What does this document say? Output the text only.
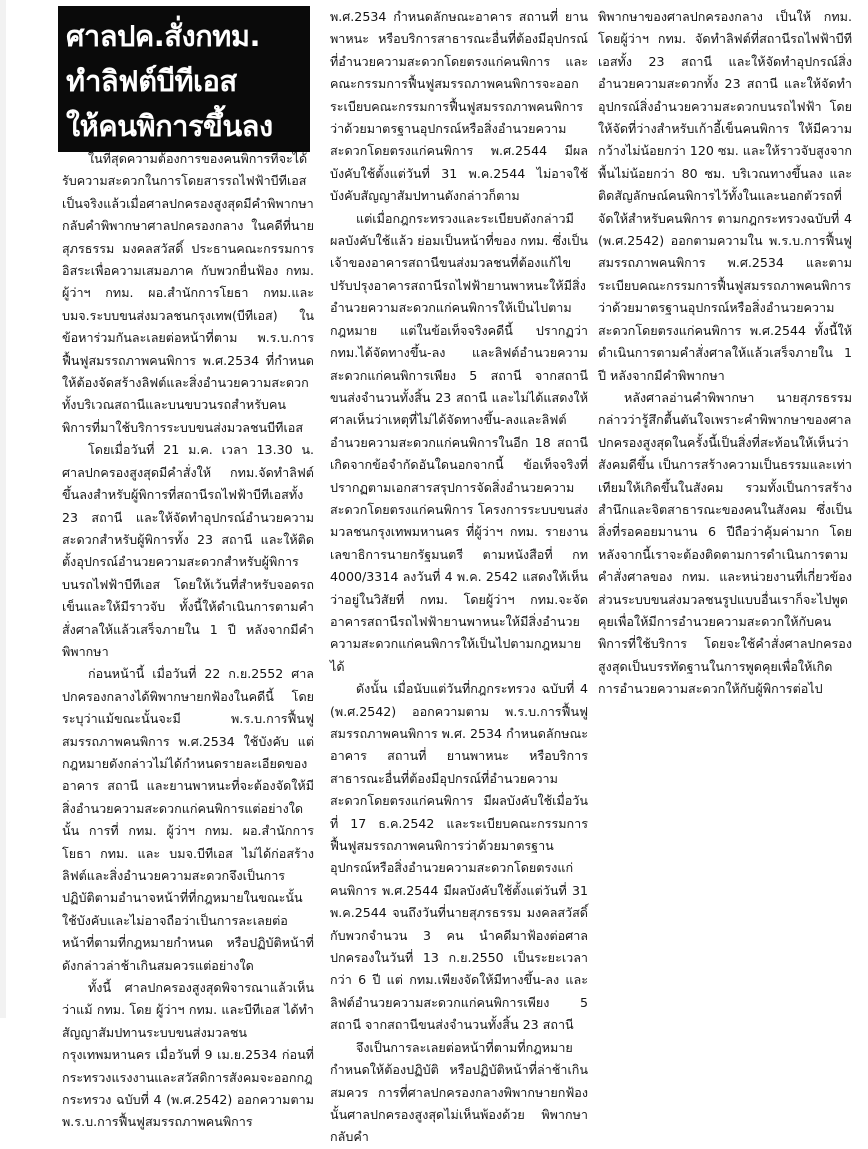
ศาลปค.สั่งกทม.
ทำลิฟต์บีทีเอส
ให้คนพิการขึ้นลง

ในที่สุดความต้องการของคนพิการที่จะได้รับความสะดวกในการโดยสารรถไฟฟ้าบีทีเอสเป็นจริงแล้วเมื่อศาลปกครองสูงสุดมีคำพิพากษากลับคำพิพากษาศาลปกครองกลาง ในคดีที่นายสุภรธรรม มงคลสวัสดิ์ ประธานคณะกรรมการอิสระเพื่อความเสมอภาค กับพวกยื่นฟ้อง กทม. ผู้ว่าฯ กทม. ผอ.สำนักการโยธา กทม.และ บมจ.ระบบขนส่งมวลชนกรุงเทพ(บีทีเอส) ในข้อหาร่วมกันละเลยต่อหน้าที่ตาม พ.ร.บ.การฟื้นฟูสมรรถภาพคนพิการ พ.ศ.2534 ที่กำหนดให้ต้องจัดสร้างลิฟต์และสิ่งอำนวยความสะดวกทั้งบริเวณสถานีและบนขบวนรถสำหรับคนพิการที่มาใช้บริการระบบขนส่งมวลชนบีทีเอส

โดยเมื่อวันที่ 21 ม.ค. เวลา 13.30 น. ศาลปกครองสูงสุดมีคำสั่งให้ กทม.จัดทำลิฟต์ขึ้นลงสำหรับผู้พิการที่สถานีรถไฟฟ้าบีทีเอสทั้ง 23 สถานี และให้จัดทำอุปกรณ์อำนวยความสะดวกสำหรับผู้พิการทั้ง 23 สถานี และให้ติดตั้งอุปกรณ์อำนวยความสะดวกสำหรับผู้พิการบนรถไฟฟ้าบีทีเอส โดยให้เว้นที่สำหรับจอดรถเข็นและให้มีราวจับ ทั้งนี้ให้ดำเนินการตามคำสั่งศาลให้แล้วเสร็จภายใน 1 ปี หลังจากมีคำพิพากษา

ก่อนหน้านี้ เมื่อวันที่ 22 ก.ย.2552 ศาลปกครองกลางได้พิพากษายกฟ้องในคดีนี้ โดยระบุว่าแม้ขณะนั้นจะมี พ.ร.บ.การฟื้นฟูสมรรถภาพคนพิการ พ.ศ.2534 ใช้บังคับ แต่กฎหมายดังกล่าวไม่ได้กำหนดรายละเอียดของอาคาร สถานี และยานพาหนะที่จะต้องจัดให้มีสิ่งอำนวยความสะดวกแก่คนพิการแต่อย่างใดนั้น การที่ กทม. ผู้ว่าฯ กทม. ผอ.สำนักการโยธา กทม. และ บมจ.บีทีเอส ไม่ได้ก่อสร้างลิฟต์และสิ่งอำนวยความสะดวกจึงเป็นการปฏิบัติตามอำนาจหน้าที่ที่กฎหมายในขณะนั้นใช้บังคับและไม่อาจถือว่าเป็นการละเลยต่อหน้าที่ตามที่กฎหมายกำหนด หรือปฏิบัติหน้าที่ดังกล่าวล่าช้าเกินสมควรแต่อย่างใด

ทั้งนี้ ศาลปกครองสูงสุดพิจารณาแล้วเห็นว่าแม้ กทม. โดย ผู้ว่าฯ กทม. และบีทีเอส ได้ทำสัญญาสัมปทานระบบขนส่งมวลชนกรุงเทพมหานคร เมื่อวันที่ 9 เม.ย.2534 ก่อนที่กระทรวงแรงงานและสวัสดิการสังคมจะออกกฎกระทรวง ฉบับที่ 4 (พ.ศ.2542) ออกความตาม พ.ร.บ.การฟื้นฟูสมรรถภาพคนพิการ

พ.ศ.2534 กำหนดลักษณะอาคาร สถานที่ ยานพาหนะ หรือบริการสาธารณะอื่นที่ต้องมีอุปกรณ์ที่อำนวยความสะดวกโดยตรงแก่คนพิการ และคณะกรรมการฟื้นฟูสมรรถภาพคนพิการจะออกระเบียบคณะกรรมการฟื้นฟูสมรรถภาพคนพิการว่าด้วยมาตรฐานอุปกรณ์หรือสิ่งอำนวยความสะดวกโดยตรงแก่คนพิการ พ.ศ.2544 มีผลบังคับใช้ตั้งแต่วันที่ 31 พ.ค.2544 ไม่อาจใช้บังคับสัญญาสัมปทานดังกล่าวก็ตาม

แต่เมื่อกฎกระทรวงและระเบียบดังกล่าวมีผลบังคับใช้แล้ว ย่อมเป็นหน้าที่ของ กทม. ซึ่งเป็นเจ้าของอาคารสถานีขนส่งมวลชนที่ต้องแก้ไขปรับปรุงอาคารสถานีรถไฟฟ้ายานพาหนะให้มีสิ่งอำนวยความสะดวกแก่คนพิการให้เป็นไปตามกฎหมาย แต่ในข้อเท็จจริงคดีนี้ ปรากฏว่า กทม.ได้จัดทางขึ้น-ลง และลิฟต์อำนวยความสะดวกแก่คนพิการเพียง 5 สถานี จากสถานีขนส่งจำนวนทั้งสิ้น 23 สถานี และไม่ได้แสดงให้ศาลเห็นว่าเหตุที่ไม่ได้จัดทางขึ้น-ลงและลิฟต์อำนวยความสะดวกแก่คนพิการในอีก 18 สถานีเกิดจากข้อจำกัดอันใดนอกจากนี้ ข้อเท็จจริงที่ปรากฏตามเอกสารสรุปการจัดสิ่งอำนวยความสะดวกโดยตรงแก่คนพิการ โครงการระบบขนส่งมวลชนกรุงเทพมหานคร ที่ผู้ว่าฯ กทม. รายงานเลขาธิการนายกรัฐมนตรี ตามหนังสือที่ กท 4000/3314 ลงวันที่ 4 พ.ค. 2542 แสดงให้เห็นว่าอยู่ในวิสัยที่ กทม. โดยผู้ว่าฯ กทม.จะจัดอาคารสถานีรถไฟฟ้ายานพาหนะให้มีสิ่งอำนวยความสะดวกแก่คนพิการให้เป็นไปตามกฎหมายได้

ดังนั้น เมื่อนับแต่วันที่กฎกระทรวง ฉบับที่ 4 (พ.ศ.2542) ออกความตาม พ.ร.บ.การฟื้นฟูสมรรถภาพคนพิการ พ.ศ. 2534 กำหนดลักษณะอาคาร สถานที่ ยานพาหนะ หรือบริการสาธารณะอื่นที่ต้องมีอุปกรณ์ที่อำนวยความสะดวกโดยตรงแก่คนพิการ มีผลบังคับใช้เมื่อวันที่ 17 ธ.ค.2542 และระเบียบคณะกรรมการฟื้นฟูสมรรถภาพคนพิการว่าด้วยมาตรฐานอุปกรณ์หรือสิ่งอำนวยความสะดวกโดยตรงแก่คนพิการ พ.ศ.2544 มีผลบังคับใช้ตั้งแต่วันที่ 31 พ.ค.2544 จนถึงวันที่นายสุภรธรรม มงคลสวัสดิ์ กับพวกจำนวน 3 คน นำคดีมาฟ้องต่อศาลปกครองในวันที่ 13 ก.ย.2550 เป็นระยะเวลากว่า 6 ปี แต่ กทม.เพียงจัดให้มีทางขึ้น-ลง และลิฟต์อำนวยความสะดวกแก่คนพิการเพียง 5 สถานี จากสถานีขนส่งจำนวนทั้งสิ้น 23 สถานี

จึงเป็นการละเลยต่อหน้าที่ตามที่กฎหมายกำหนดให้ต้องปฏิบัติ หรือปฏิบัติหน้าที่ล่าช้าเกินสมควร การที่ศาลปกครองกลางพิพากษายกฟ้องนั้นศาลปกครองสูงสุดไม่เห็นพ้องด้วย พิพากษากลับคำ

พิพากษาของศาลปกครองกลาง เป็นให้ กทม. โดยผู้ว่าฯ กทม. จัดทำลิฟต์ที่สถานีรถไฟฟ้าบีทีเอสทั้ง 23 สถานี และให้จัดทำอุปกรณ์สิ่งอำนวยความสะดวกทั้ง 23 สถานี และให้จัดทำอุปกรณ์สิ่งอำนวยความสะดวกบนรถไฟฟ้า โดยให้จัดที่ว่างสำหรับเก้าอี้เข็นคนพิการ ให้มีความกว้างไม่น้อยกว่า 120 ซม. และให้ราวจับสูงจากพื้นไม่น้อยกว่า 80 ซม. บริเวณทางขึ้นลง และติดสัญลักษณ์คนพิการไว้ทั้งในและนอกตัวรถที่จัดให้สำหรับคนพิการ ตามกฎกระทรวงฉบับที่ 4 (พ.ศ.2542) ออกตามความใน พ.ร.บ.การฟื้นฟูสมรรถภาพคนพิการ พ.ศ.2534 และตามระเบียบคณะกรรมการฟื้นฟูสมรรถภาพคนพิการ ว่าด้วยมาตรฐานอุปกรณ์หรือสิ่งอำนวยความสะดวกโดยตรงแก่คนพิการ พ.ศ.2544 ทั้งนี้ให้ดำเนินการตามคำสั่งศาลให้แล้วเสร็จภายใน 1 ปี หลังจากมีคำพิพากษา

หลังศาลอ่านคำพิพากษา นายสุภรธรรมกล่าวว่ารู้สึกตื้นตันใจเพราะคำพิพากษาของศาลปกครองสูงสุดในครั้งนี้เป็นสิ่งที่สะท้อนให้เห็นว่าสังคมดีขึ้น เป็นการสร้างความเป็นธรรมและเท่าเทียมให้เกิดขึ้นในสังคม รวมทั้งเป็นการสร้างสำนึกและจิตสาธารณะของคนในสังคม ซึ่งเป็นสิ่งที่รอคอยมานาน 6 ปีถือว่าคุ้มค่ามาก โดยหลังจากนี้เราจะต้องติดตามการดำเนินการตามคำสั่งศาลของ กทม. และหน่วยงานที่เกี่ยวข้อง ส่วนระบบขนส่งมวลชนรูปแบบอื่นเราก็จะไปพูดคุยเพื่อให้มีการอำนวยความสะดวกให้กับคนพิการที่ใช้บริการ โดยจะใช้คำสั่งศาลปกครองสูงสุดเป็นบรรทัดฐานในการพูดคุยเพื่อให้เกิดการอำนวยความสะดวกให้กับผู้พิการต่อไป
